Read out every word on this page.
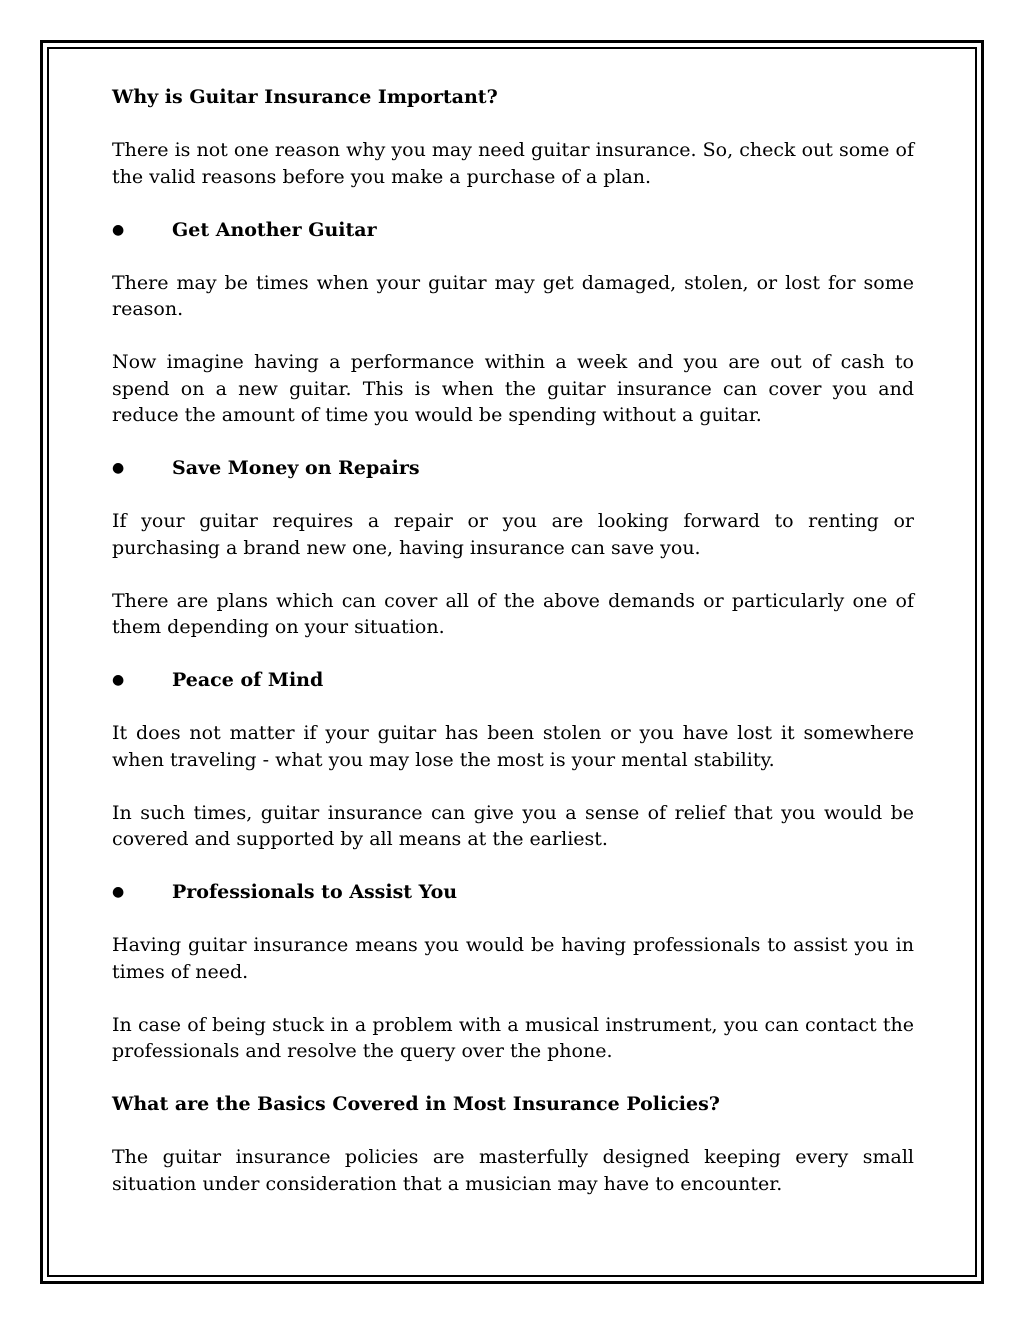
Why is Guitar Insurance Important?

There is not one reason why you may need guitar insurance. So, check out some of the valid reasons before you make a purchase of a plan.

●	Get Another Guitar

There may be times when your guitar may get damaged, stolen, or lost for some reason.

Now imagine having a performance within a week and you are out of cash to spend on a new guitar. This is when the guitar insurance can cover you and reduce the amount of time you would be spending without a guitar.

●	Save Money on Repairs

If your guitar requires a repair or you are looking forward to renting or purchasing a brand new one, having insurance can save you.

There are plans which can cover all of the above demands or particularly one of them depending on your situation.

●	Peace of Mind

It does not matter if your guitar has been stolen or you have lost it somewhere when traveling - what you may lose the most is your mental stability.

In such times, guitar insurance can give you a sense of relief that you would be covered and supported by all means at the earliest.

●	Professionals to Assist You

Having guitar insurance means you would be having professionals to assist you in times of need.

In case of being stuck in a problem with a musical instrument, you can contact the professionals and resolve the query over the phone.

What are the Basics Covered in Most Insurance Policies?

The guitar insurance policies are masterfully designed keeping every small situation under consideration that a musician may have to encounter.
